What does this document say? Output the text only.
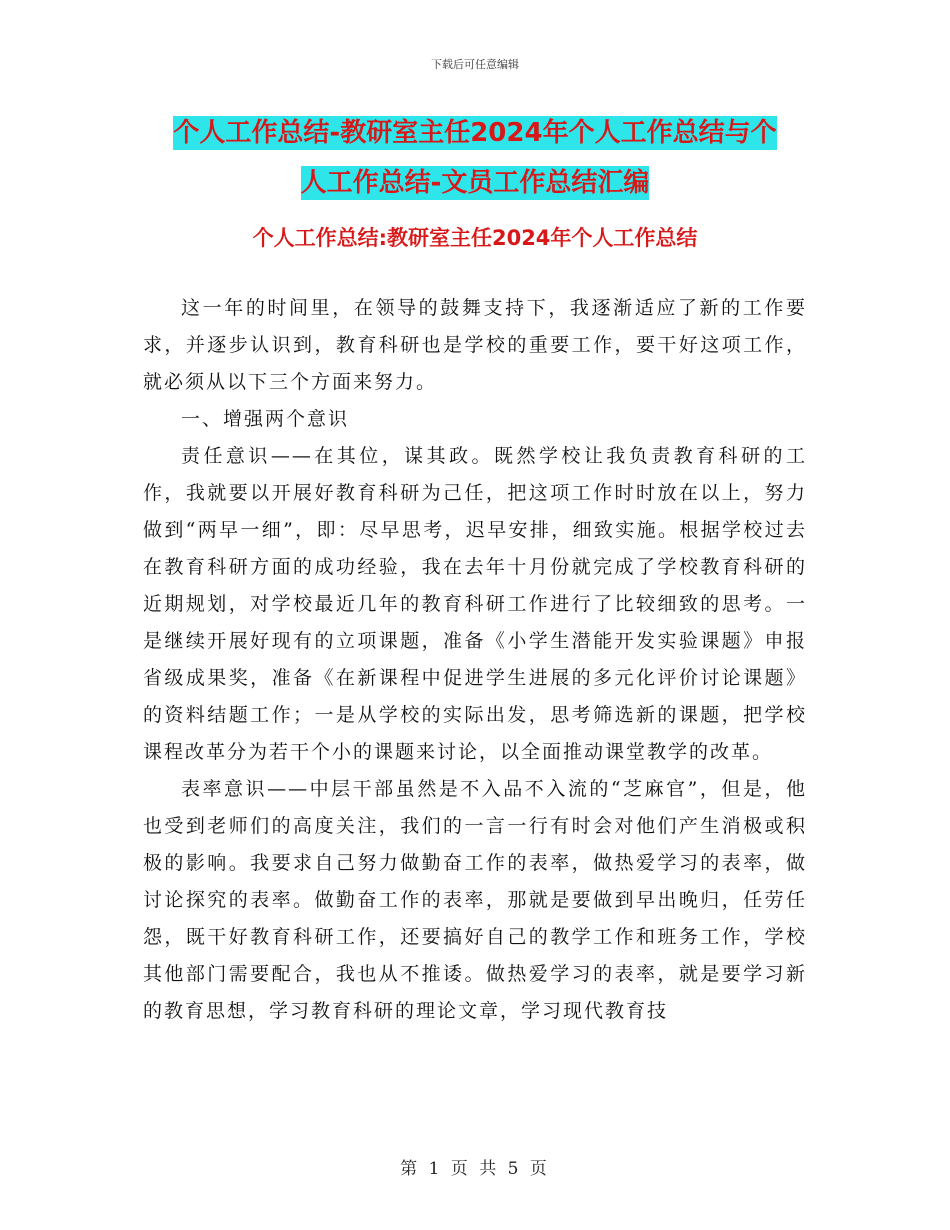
下载后可任意编辑
个人工作总结-教研室主任2024年个人工作总结与个
人工作总结-文员工作总结汇编
个人工作总结:教研室主任2024年个人工作总结

这一年的时间里，在领导的鼓舞支持下，我逐渐适应了新的工作要求，并逐步认识到，教育科研也是学校的重要工作，要干好这项工作，就必须从以下三个方面来努力。

一、增强两个意识

责任意识——在其位，谋其政。既然学校让我负责教育科研的工作，我就要以开展好教育科研为己任，把这项工作时时放在以上，努力做到“两早一细”，即：尽早思考，迟早安排，细致实施。根据学校过去在教育科研方面的成功经验，我在去年十月份就完成了学校教育科研的近期规划，对学校最近几年的教育科研工作进行了比较细致的思考。一是继续开展好现有的立项课题，准备《小学生潜能开发实验课题》申报省级成果奖，准备《在新课程中促进学生进展的多元化评价讨论课题》的资料结题工作；一是从学校的实际出发，思考筛选新的课题，把学校课程改革分为若干个小的课题来讨论，以全面推动课堂教学的改革。

表率意识——中层干部虽然是不入品不入流的“芝麻官”，但是，他也受到老师们的高度关注，我们的一言一行有时会对他们产生消极或积极的影响。我要求自己努力做勤奋工作的表率，做热爱学习的表率，做讨论探究的表率。做勤奋工作的表率，那就是要做到早出晚归，任劳任怨，既干好教育科研工作，还要搞好自己的教学工作和班务工作，学校其他部门需要配合，我也从不推诿。做热爱学习的表率，就是要学习新的教育思想，学习教育科研的理论文章，学习现代教育技

第 1 页 共 5 页
